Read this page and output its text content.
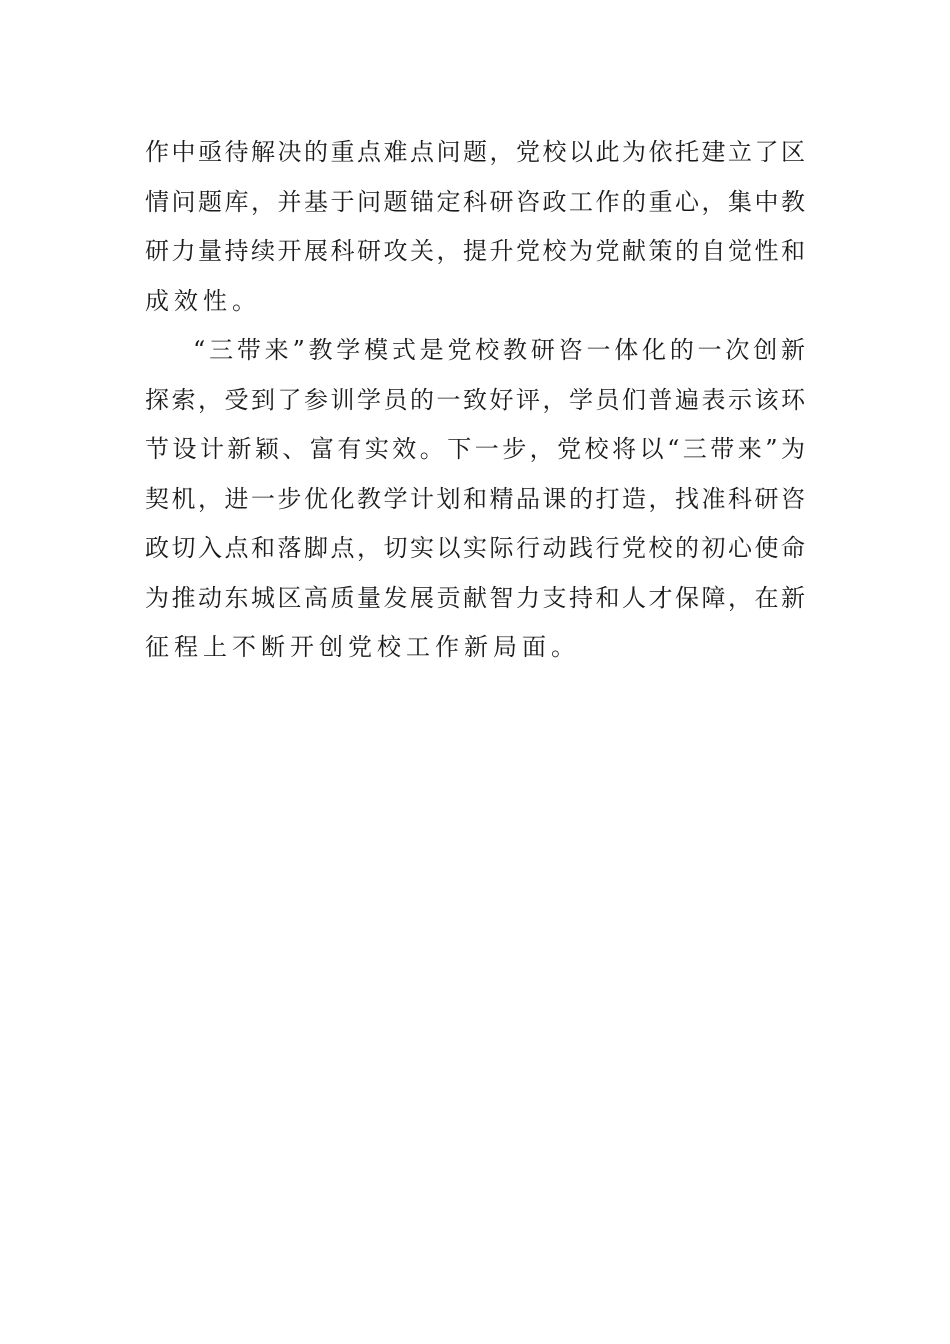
作中亟待解决的重点难点问题，党校以此为依托建立了区
情问题库，并基于问题锚定科研咨政工作的重心，集中教
研力量持续开展科研攻关，提升党校为党献策的自觉性和
成效性。
“三带来”教学模式是党校教研咨一体化的一次创新
探索，受到了参训学员的一致好评，学员们普遍表示该环
节设计新颖、富有实效。下一步，党校将以“三带来”为
契机，进一步优化教学计划和精品课的打造，找准科研咨
政切入点和落脚点，切实以实际行动践行党校的初心使命
为推动东城区高质量发展贡献智力支持和人才保障，在新
征程上不断开创党校工作新局面。
